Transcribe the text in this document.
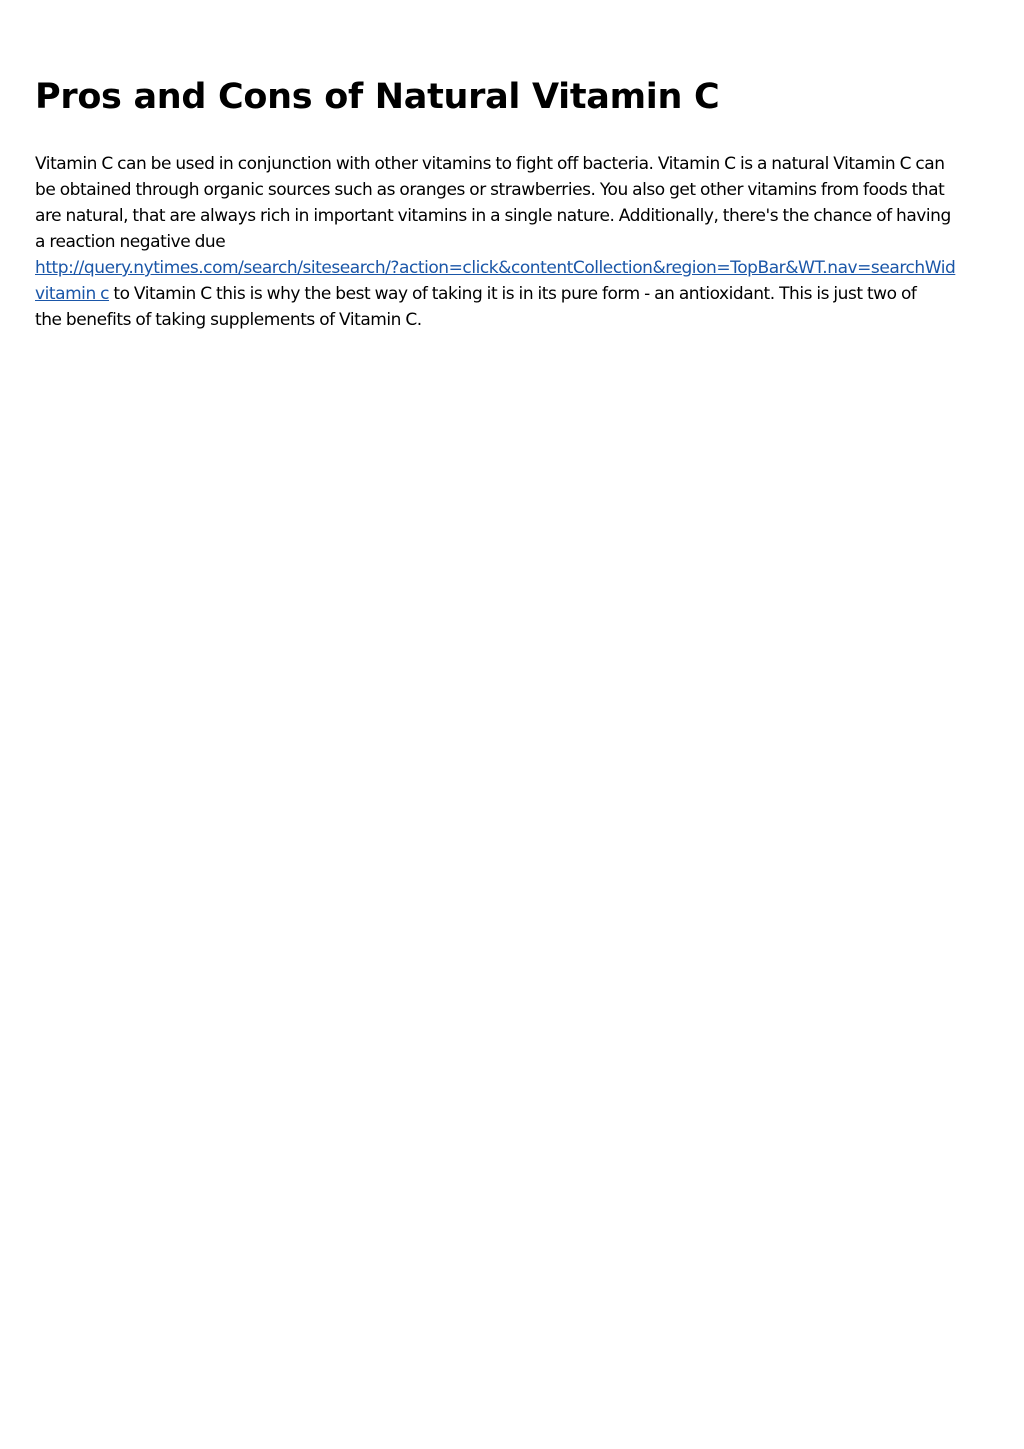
Pros and Cons of Natural Vitamin C

Vitamin C can be used in conjunction with other vitamins to fight off bacteria. Vitamin C is a natural Vitamin C can
be obtained through organic sources such as oranges or strawberries. You also get other vitamins from foods that
are natural, that are always rich in important vitamins in a single nature. Additionally, there's the chance of having
a reaction negative due
http://query.nytimes.com/search/sitesearch/?action=click&contentCollection&region=TopBar&WT.nav=searchWid
vitamin c to Vitamin C this is why the best way of taking it is in its pure form - an antioxidant. This is just two of
the benefits of taking supplements of Vitamin C.
